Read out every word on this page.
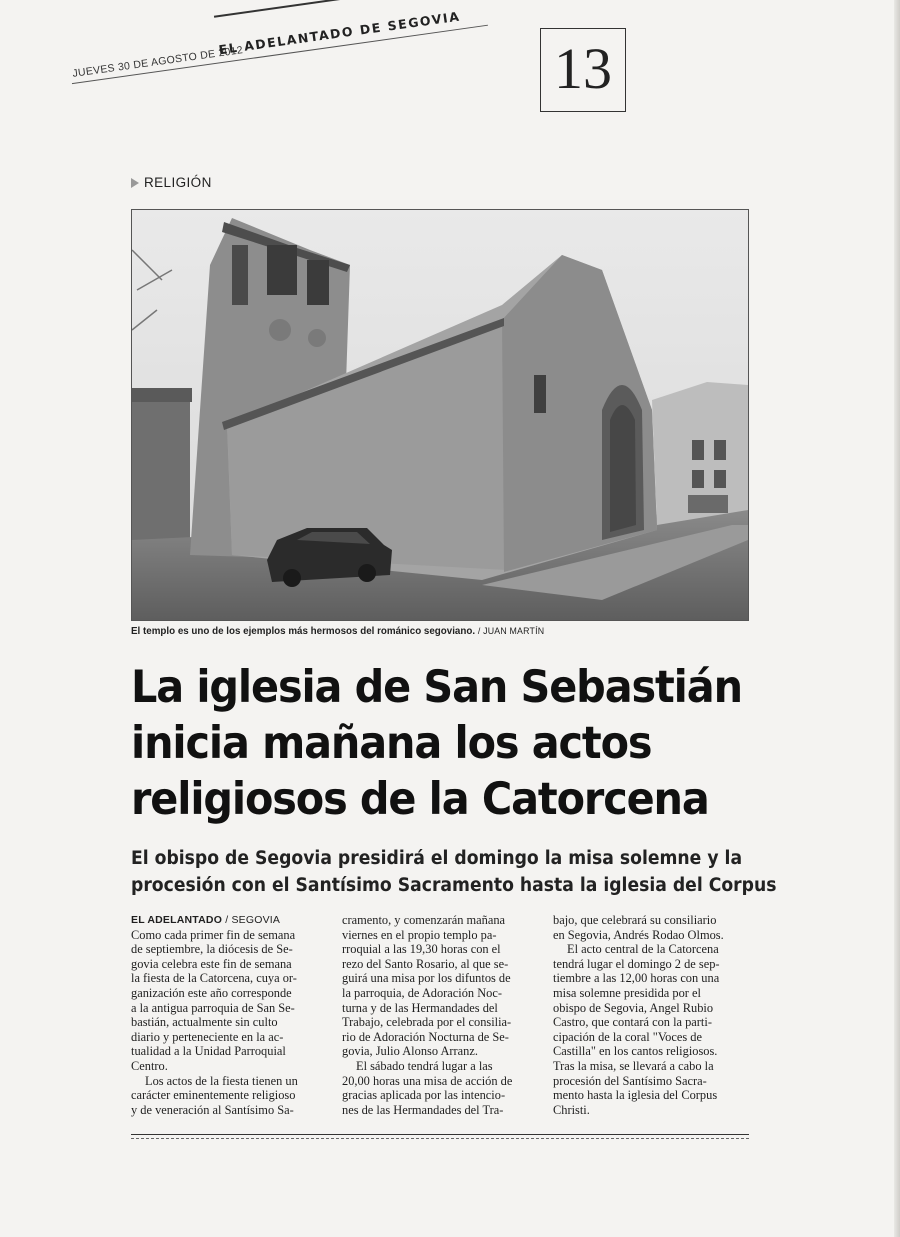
JUEVES 30 DE AGOSTO DE 2012
EL ADELANTADO DE SEGOVIA
13
RELIGIÓN
El templo es uno de los ejemplos más hermosos del románico segoviano. / JUAN MARTÍN
La iglesia de San Sebastián
inicia mañana los actos
religiosos de la Catorcena
El obispo de Segovia presidirá el domingo la misa solemne y la
procesión con el Santísimo Sacramento hasta la iglesia del Corpus
EL ADELANTADO / SEGOVIA
Como cada primer fin de semana
de septiembre, la diócesis de Se-
govia celebra este fin de semana
la fiesta de la Catorcena, cuya or-
ganización este año corresponde
a la antigua parroquia de San Se-
bastián, actualmente sin culto
diario y perteneciente en la ac-
tualidad a la Unidad Parroquial
Centro.
Los actos de la fiesta tienen un
carácter eminentemente religioso
y de veneración al Santísimo Sa-
cramento, y comenzarán mañana
viernes en el propio templo pa-
rroquial a las 19,30 horas con el
rezo del Santo Rosario, al que se-
guirá una misa por los difuntos de
la parroquia, de Adoración Noc-
turna y de las Hermandades del
Trabajo, celebrada por el consilia-
rio de Adoración Nocturna de Se-
govia, Julio Alonso Arranz.
El sábado tendrá lugar a las
20,00 horas una misa de acción de
gracias aplicada por las intencio-
nes de las Hermandades del Tra-
bajo, que celebrará su consiliario
en Segovia, Andrés Rodao Olmos.
El acto central de la Catorcena
tendrá lugar el domingo 2 de sep-
tiembre a las 12,00 horas con una
misa solemne presidida por el
obispo de Segovia, Angel Rubio
Castro, que contará con la parti-
cipación de la coral "Voces de
Castilla" en los cantos religiosos.
Tras la misa, se llevará a cabo la
procesión del Santísimo Sacra-
mento hasta la iglesia del Corpus
Christi.
